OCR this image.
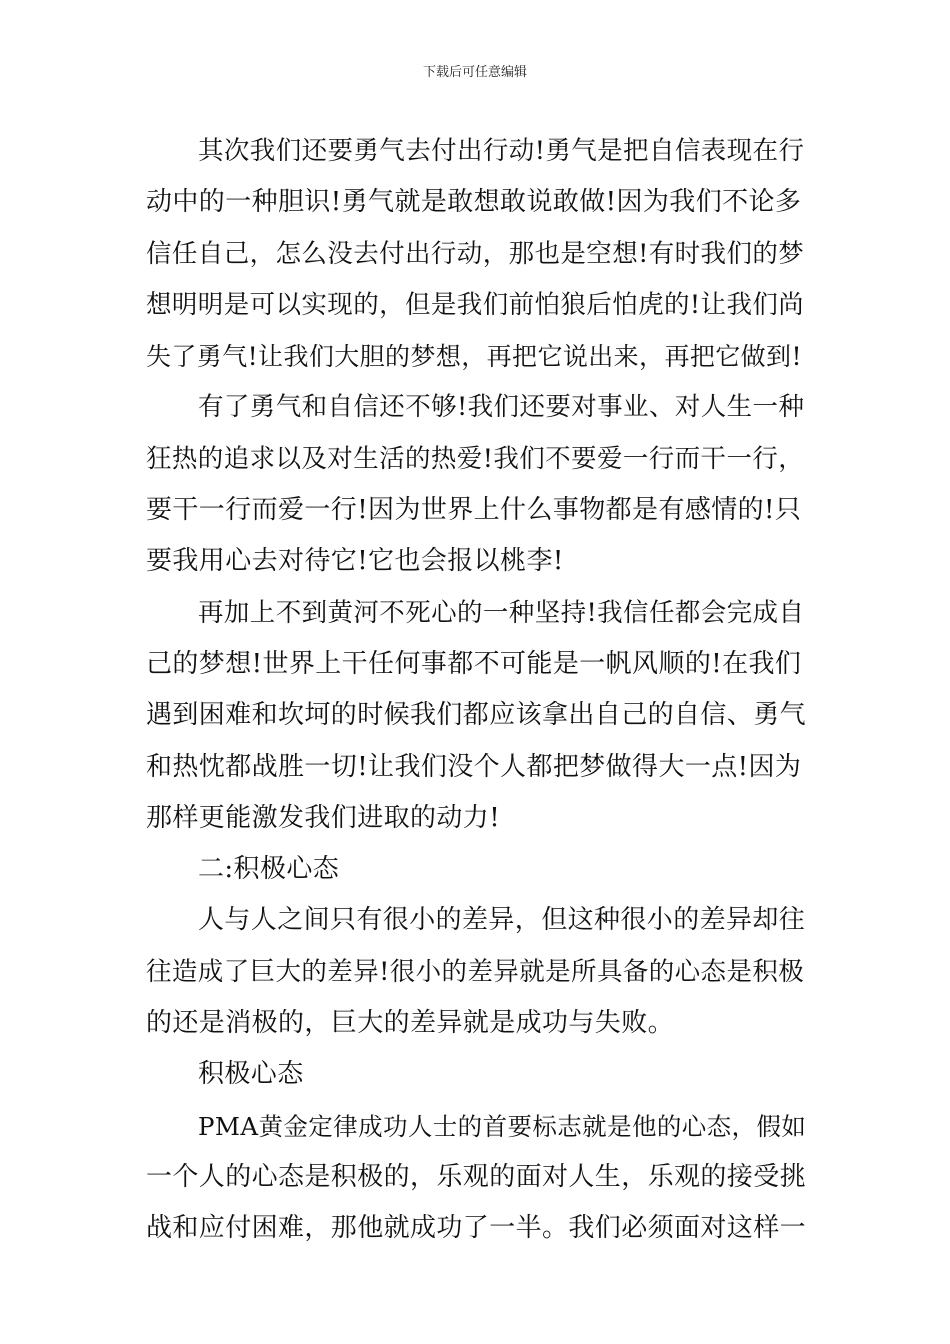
下载后可任意编辑
其次我们还要勇气去付出行动!勇气是把自信表现在行
动中的一种胆识!勇气就是敢想敢说敢做!因为我们不论多
信任自己，怎么没去付出行动，那也是空想!有时我们的梦
想明明是可以实现的，但是我们前怕狼后怕虎的!让我们尚
失了勇气!让我们大胆的梦想，再把它说出来，再把它做到!
有了勇气和自信还不够!我们还要对事业、对人生一种
狂热的追求以及对生活的热爱!我们不要爱一行而干一行，
要干一行而爱一行!因为世界上什么事物都是有感情的!只
要我用心去对待它!它也会报以桃李!
再加上不到黄河不死心的一种坚持!我信任都会完成自
己的梦想!世界上干任何事都不可能是一帆风顺的!在我们
遇到困难和坎坷的时候我们都应该拿出自己的自信、勇气
和热忱都战胜一切!让我们没个人都把梦做得大一点!因为
那样更能激发我们进取的动力!
二:积极心态
人与人之间只有很小的差异，但这种很小的差异却往
往造成了巨大的差异!很小的差异就是所具备的心态是积极
的还是消极的，巨大的差异就是成功与失败。
积极心态
PMA黄金定律成功人士的首要标志就是他的心态，假如
一个人的心态是积极的，乐观的面对人生，乐观的接受挑
战和应付困难，那他就成功了一半。我们必须面对这样一
